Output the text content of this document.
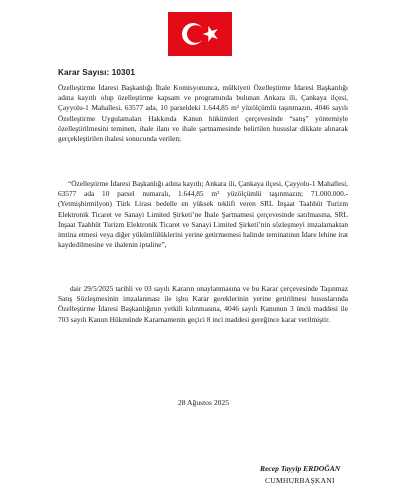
Karar Sayısı: 10301

Özelleştirme İdaresi Başkanlığı İhale Komisyonunca, mülkiyeti Özelleştirme İdaresi Başkanlığı adına kayıtlı olup özelleştirme kapsam ve programında bulunan Ankara ili, Çankaya ilçesi, Çayyolu-1 Mahallesi, 63577 ada, 10 parseldeki 1.644,85 m² yüzölçümlü taşınmazın, 4046 sayılı Özelleştirme Uygulamaları Hakkında Kanun hükümleri çerçevesinde “satış” yöntemiyle özelleştirilmesini teminen, ihale ilanı ve ihale şartnamesinde belirtilen hususlar dikkate alınarak gerçekleştirilen ihalesi sonucunda verilen;

“Özelleştirme İdaresi Başkanlığı adına kayıtlı; Ankara ili, Çankaya ilçesi, Çayyolu-1 Mahallesi, 63577 ada 10 parsel numaralı, 1.644,85 m² yüzölçümlü taşınmazın; 71.000.000.- (Yetmişbirmilyon) Türk Lirası bedelle en yüksek teklifi veren SRL İnşaat Taahhüt Turizm Elektronik Ticaret ve Sanayi Limited Şirketi’ne İhale Şartnamesi çerçevesinde satılmasına, SRL İnşaat Taahhüt Turizm Elektronik Ticaret ve Sanayi Limited Şirketi’nin sözleşmeyi imzalamaktan imtina etmesi veya diğer yükümlülüklerini yerine getirmemesi halinde teminatının İdare lehine irat kaydedilmesine ve ihalenin iptaline”,

dair 29/5/2025 tarihli ve 03 sayılı Kararın onaylanmasına ve bu Karar çerçevesinde Taşınmaz Satış Sözleşmesinin imzalanması ile işbu Karar gereklerinin yerine getirilmesi hususlarında Özelleştirme İdaresi Başkanlığının yetkili kılınmasına, 4046 sayılı Kanunun 3 üncü maddesi ile 703 sayılı Kanun Hükmünde Kararnamenin geçici 8 inci maddesi gereğince karar verilmiştir.

28 Ağustos 2025
Recep Tayyip ERDOĞAN
CUMHURBAŞKANI
